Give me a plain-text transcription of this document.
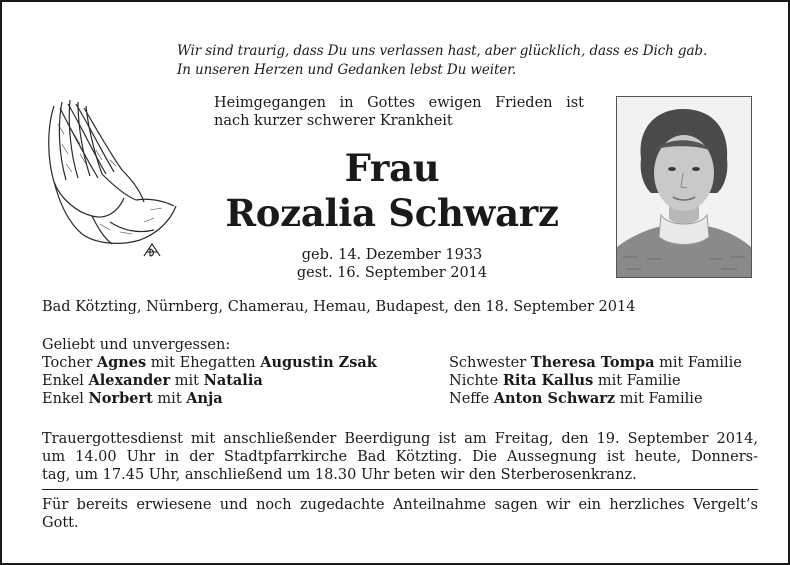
Wir sind traurig, dass Du uns verlassen hast, aber glücklich, dass es Dich gab.
In unseren Herzen und Gedanken lebst Du weiter.
Heimgegangen in Gottes ewigen Frieden ist
nach kurzer schwerer Krankheit
Frau
Rozalia Schwarz
geb. 14. Dezember 1933
gest. 16. September 2014
Bad Kötzting, Nürnberg, Chamerau, Hemau, Budapest, den 18. September 2014
Geliebt und unvergessen:
Tocher Agnes mit Ehegatten Augustin Zsak
Enkel Alexander mit Natalia
Enkel Norbert mit Anja
Schwester Theresa Tompa mit Familie
Nichte Rita Kallus mit Familie
Neffe Anton Schwarz mit Familie
Trauergottesdienst mit anschließender Beerdigung ist am Freitag, den 19. September 2014,
um 14.00 Uhr in der Stadtpfarrkirche Bad Kötzting. Die Aussegnung ist heute, Donners-
tag, um 17.45 Uhr, anschließend um 18.30 Uhr beten wir den Sterberosenkranz.
Für bereits erwiesene und noch zugedachte Anteilnahme sagen wir ein herzliches Vergelt’s
Gott.
